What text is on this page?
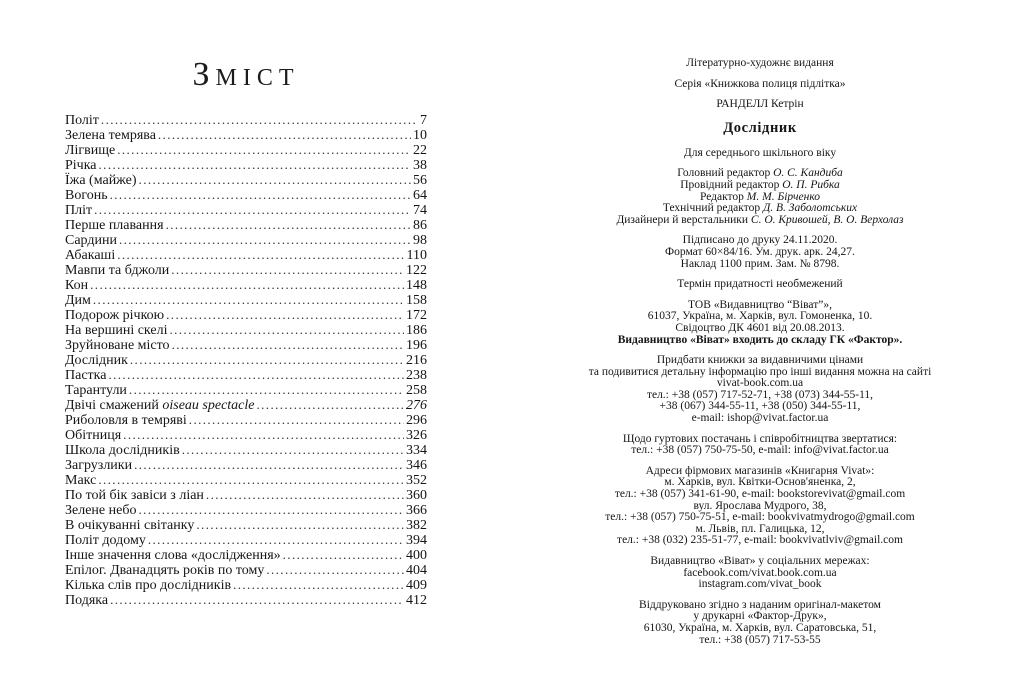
Зміст
Політ .....	7
Зелена темрява .....	10
Лігвище .....	22
Річка .....	38
Їжа (майже) .....	56
Вогонь .....	64
Пліт .....	74
Перше плавання .....	86
Сардини .....	98
Абакаші .....	110
Мавпи та бджоли .....	122
Кон .....	148
Дим .....	158
Подорож річкою .....	172
На вершині скелі .....	186
Зруйноване місто .....	196
Дослідник .....	216
Пастка .....	238
Тарантули .....	258
Двічі смажений oiseau spectacle .....	276
Риболовля в темряві .....	296
Обітниця .....	326
Школа дослідників .....	334
Загрузлики .....	346
Макс .....	352
По той бік завіси з ліан .....	360
Зелене небо .....	366
В очікуванні світанку .....	382
Політ додому .....	394
Інше значення слова «дослідження» .....	400
Епілог. Дванадцять років по тому .....	404
Кілька слів про дослідників .....	409
Подяка .....	412
Літературно-художнє видання
Серія «Книжкова полиця підлітка»
РАНДЕЛЛ Кетрін
Дослідник
Для середнього шкільного віку
Головний редактор О. С. Кандиба
Провідний редактор О. П. Рибка
Редактор М. М. Бірченко
Технічний редактор Д. В. Заболотських
Дизайнери й верстальники С. О. Кривошей, В. О. Верхолаз
Підписано до друку 24.11.2020.
Формат 60×84/16. Ум. друк. арк. 24,27.
Наклад 1100 прим. Зам. № 8798.
Термін придатності необмежений
ТОВ «Видавництво “Віват”»,
61037, Україна, м. Харків, вул. Гомоненка, 10.
Свідоцтво ДК 4601 від 20.08.2013.
Видавництво «Віват» входить до складу ГК «Фактор».
Придбати книжки за видавничими цінами
та подивитися детальну інформацію про інші видання можна на сайті
vivat-book.com.ua
тел.: +38 (057) 717-52-71, +38 (073) 344-55-11,
+38 (067) 344-55-11, +38 (050) 344-55-11,
e-mail: ishop@vivat.factor.ua
Щодо гуртових постачань і співробітництва звертатися:
тел.: +38 (057) 750-75-50, e-mail: info@vivat.factor.ua
Адреси фірмових магазинів «Книгарня Vivat»:
м. Харків, вул. Квітки-Основ'яненка, 2,
тел.: +38 (057) 341-61-90, e-mail: bookstorevivat@gmail.com
вул. Ярослава Мудрого, 38,
тел.: +38 (057) 750-75-51, e-mail: bookvivatmydrogo@gmail.com
м. Львів, пл. Галицька, 12,
тел.: +38 (032) 235-51-77, e-mail: bookvivatlviv@gmail.com
Видавництво «Віват» у соціальних мережах:
facebook.com/vivat.book.com.ua
instagram.com/vivat_book
Віддруковано згідно з наданим оригінал-макетом
у друкарні «Фактор-Друк»,
61030, Україна, м. Харків, вул. Саратовська, 51,
тел.: +38 (057) 717-53-55
